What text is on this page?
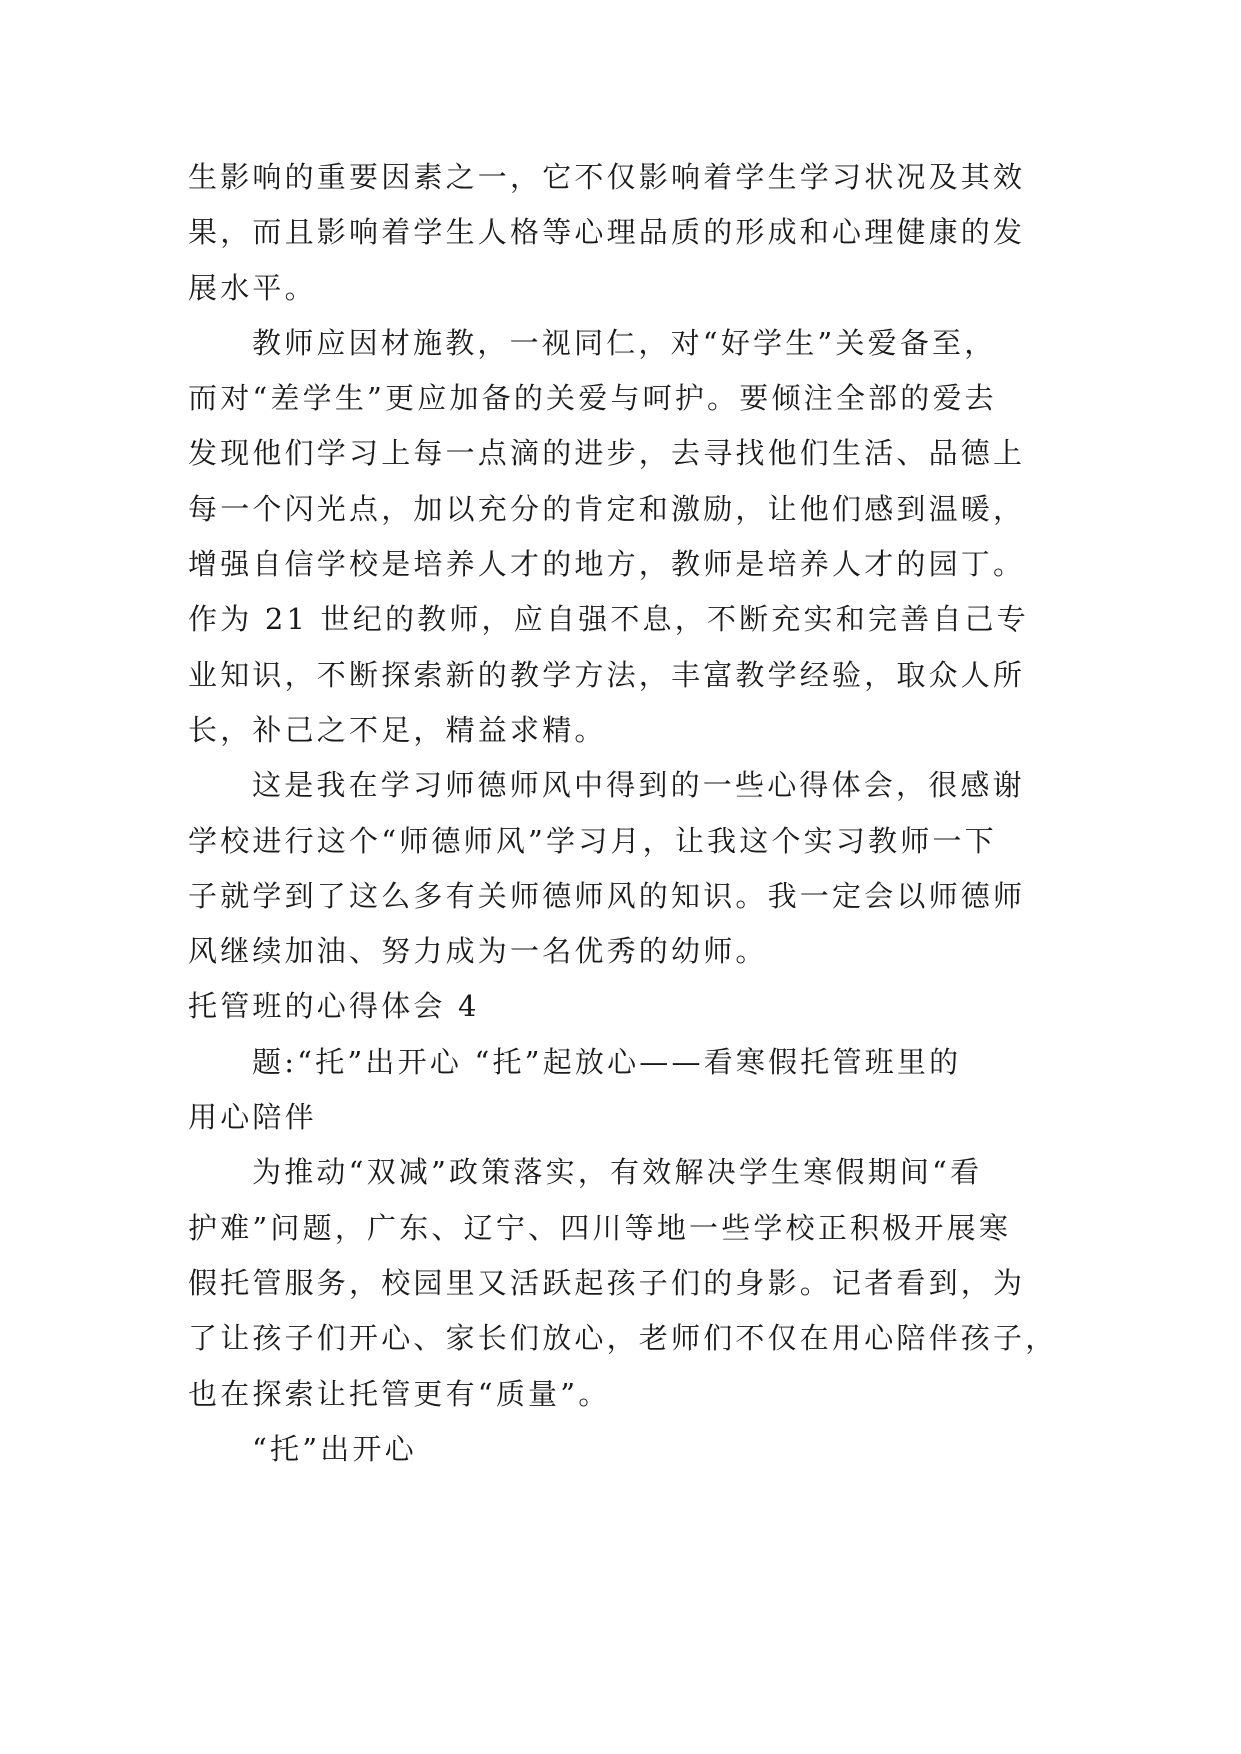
生影响的重要因素之一，它不仅影响着学生学习状况及其效
果，而且影响着学生人格等心理品质的形成和心理健康的发
展水平。
教师应因材施教，一视同仁，对“好学生”关爱备至，
而对“差学生”更应加备的关爱与呵护。要倾注全部的爱去
发现他们学习上每一点滴的进步，去寻找他们生活、品德上
每一个闪光点，加以充分的肯定和激励，让他们感到温暖，
增强自信学校是培养人才的地方，教师是培养人才的园丁。
作为 21 世纪的教师，应自强不息，不断充实和完善自己专
业知识，不断探索新的教学方法，丰富教学经验，取众人所
长，补己之不足，精益求精。
这是我在学习师德师风中得到的一些心得体会，很感谢
学校进行这个“师德师风”学习月，让我这个实习教师一下
子就学到了这么多有关师德师风的知识。我一定会以师德师
风继续加油、努力成为一名优秀的幼师。
托管班的心得体会 4
题:“托”出开心 “托”起放心——看寒假托管班里的
用心陪伴
为推动“双减”政策落实，有效解决学生寒假期间“看
护难”问题，广东、辽宁、四川等地一些学校正积极开展寒
假托管服务，校园里又活跃起孩子们的身影。记者看到，为
了让孩子们开心、家长们放心，老师们不仅在用心陪伴孩子，
也在探索让托管更有“质量”。
“托”出开心
